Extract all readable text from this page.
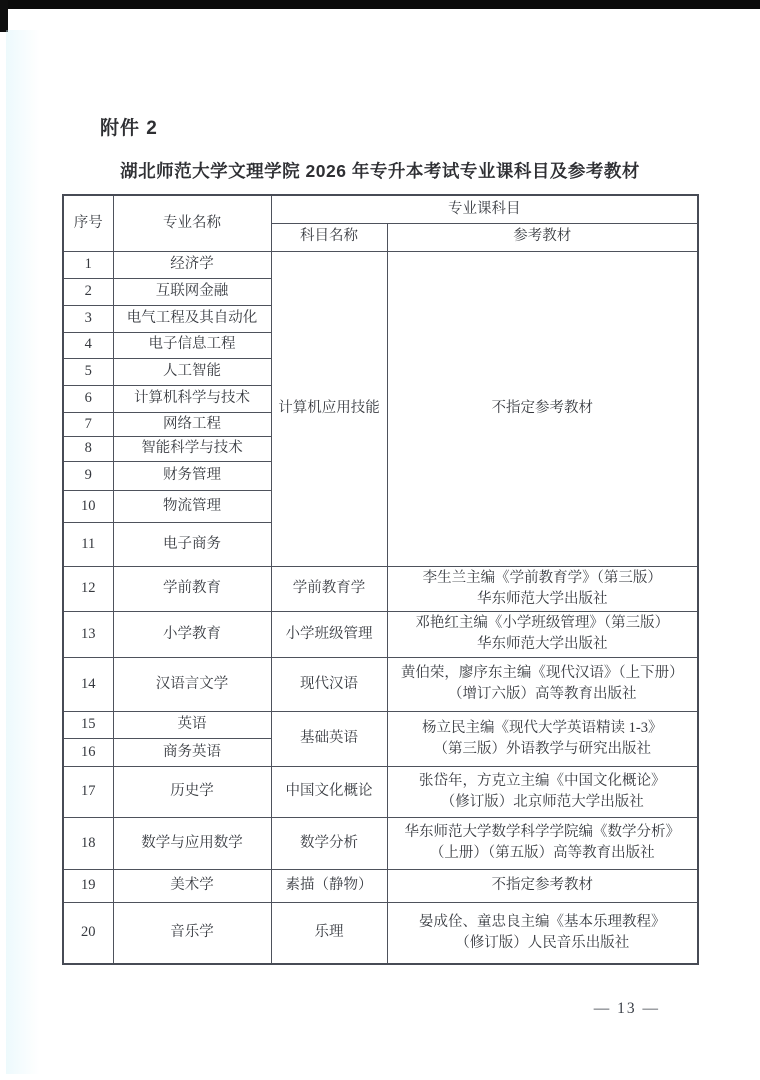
附件 2
湖北师范大学文理学院 2026 年专升本考试专业课科目及参考教材
序号	专业名称	专业课科目	
		科目名称	参考教材
1	经济学	计算机应用技能	不指定参考教材
2	互联网金融		
3	电气工程及其自动化		
4	电子信息工程		
5	人工智能		
6	计算机科学与技术		
7	网络工程		
8	智能科学与技术		
9	财务管理		
10	物流管理		
11	电子商务		
12	学前教育	学前教育学	李生兰主编《学前教育学》（第三版）
华东师范大学出版社

13	小学教育	小学班级管理	邓艳红主编《小学班级管理》（第三版）
华东师范大学出版社

14	汉语言文学	现代汉语	黄伯荣，廖序东主编《现代汉语》（上下册）
（增订六版）高等教育出版社

15	英语	基础英语	杨立民主编《现代大学英语精读 1-3》
（第三版）外语教学与研究出版社

16	商务英语		
17	历史学	中国文化概论	张岱年，方克立主编《中国文化概论》
（修订版）北京师范大学出版社

18	数学与应用数学	数学分析	华东师范大学数学科学学院编《数学分析》
（上册）（第五版）高等教育出版社

19	美术学	素描（静物）	不指定参考教材
20	音乐学	乐理	晏成佺、童忠良主编《基本乐理教程》
（修订版）人民音乐出版社
— 13 —
